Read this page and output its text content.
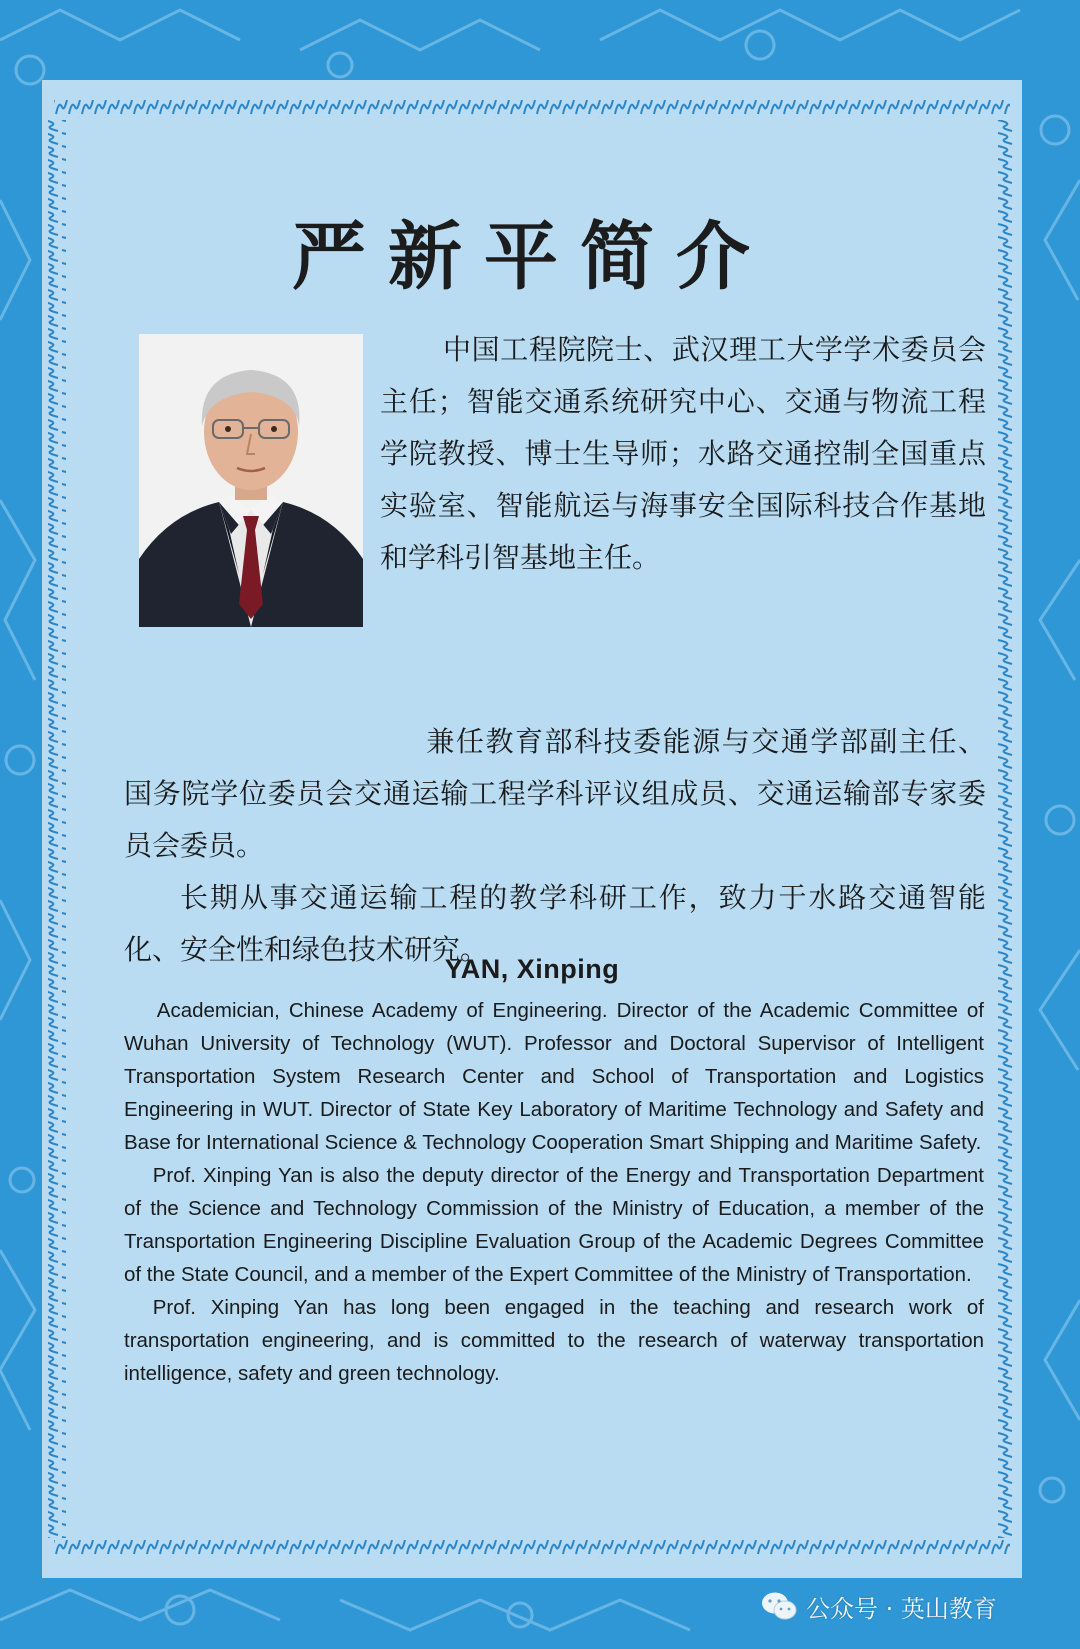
严新平简介

中国工程院院士、武汉理工大学学术委员会主任；智能交通系统研究中心、交通与物流工程学院教授、博士生导师；水路交通控制全国重点实验室、智能航运与海事安全国际科技合作基地和学科引智基地主任。

兼任教育部科技委能源与交通学部副主任、国务院学位委员会交通运输工程学科评议组成员、交通运输部专家委员会委员。

长期从事交通运输工程的教学科研工作，致力于水路交通智能化、安全性和绿色技术研究。

YAN, Xinping

Academician, Chinese Academy of Engineering. Director of the Academic Committee of Wuhan University of Technology (WUT). Professor and Doctoral Supervisor of Intelligent Transportation System Research Center and School of Transportation and Logistics Engineering in WUT. Director of State Key Laboratory of Maritime Technology and Safety and Base for International Science & Technology Cooperation Smart Shipping and Maritime Safety.

Prof. Xinping Yan is also the deputy director of the Energy and Transportation Department of the Science and Technology Commission of the Ministry of Education, a member of the Transportation Engineering Discipline Evaluation Group of the Academic Degrees Committee of the State Council, and a member of the Expert Committee of the Ministry of Transportation.

Prof. Xinping Yan has long been engaged in the teaching and research work of transportation engineering, and is committed to the research of waterway transportation intelligence, safety and green technology.

公众号 · 英山教育
